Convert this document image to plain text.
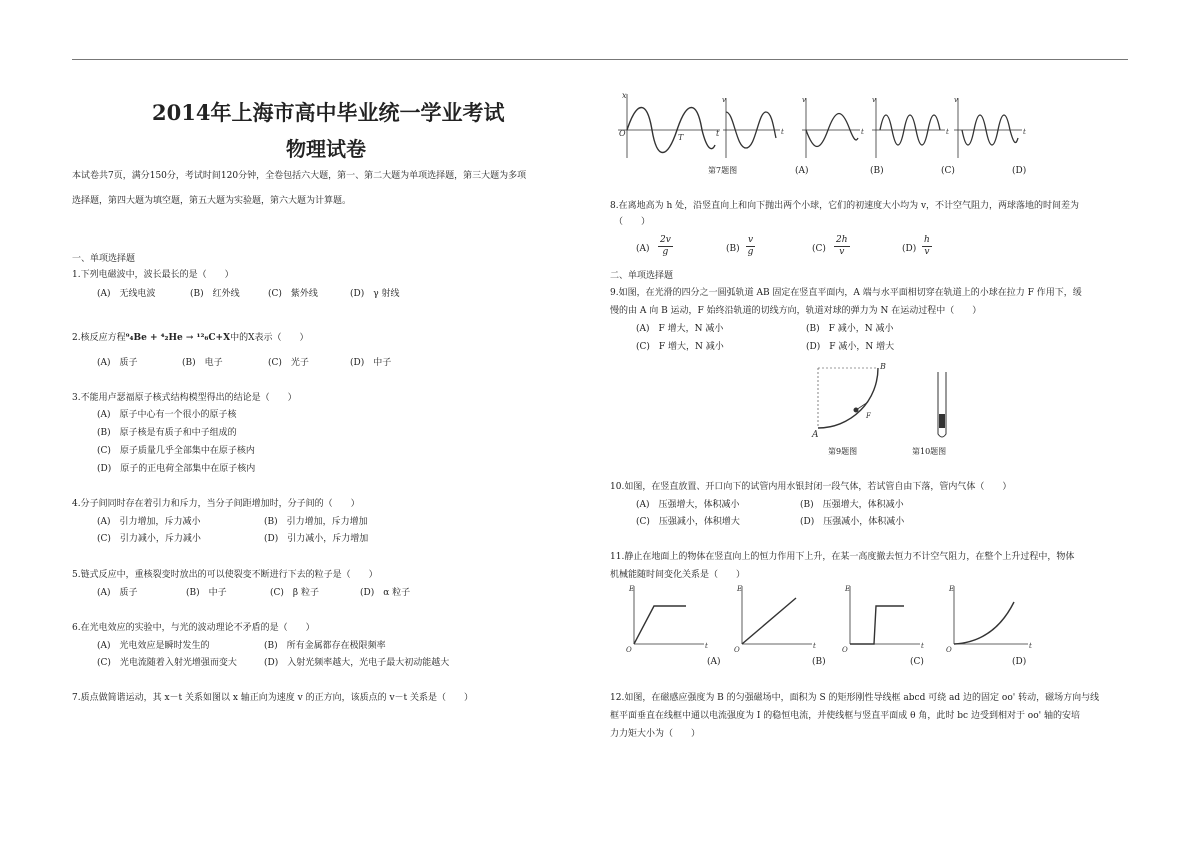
2014年上海市高中毕业统一学业考试
物理试卷
本试卷共7页，满分150分，考试时间120分钟，全卷包括六大题，第一、第二大题为单项选择题，第三大题为多项
选择题，第四大题为填空题，第五大题为实验题，第六大题为计算题。
一、单项选择题
1.下列电磁波中，波长最长的是（　　）
(A)　无线电波	(B)　红外线	(C)　紫外线	(D)　γ 射线
2.核反应方程⁹₄Be + ⁴₂He → ¹²₆C+X中的X表示（　　）
(A)　质子	(B)　电子	(C)　光子	(D)　中子
3.不能用卢瑟福原子核式结构模型得出的结论是（　　）
(A)　原子中心有一个很小的原子核
(B)　原子核是有质子和中子组成的
(C)　原子质量几乎全部集中在原子核内
(D)　原子的正电荷全部集中在原子核内
4.分子间同时存在着引力和斥力，当分子间距增加时，分子间的（　　）
(A)　引力增加，斥力减小	(B)　引力增加，斥力增加
(C)　引力减小，斥力减小	(D)　引力减小，斥力增加
5.链式反应中，重核裂变时放出的可以使裂变不断进行下去的粒子是（　　）
(A)　质子	(B)　中子	(C)　β 粒子	(D)　α 粒子
6.在光电效应的实验中，与光的波动理论不矛盾的是（　　）
(A)　光电效应是瞬时发生的	(B)　所有金属都存在极限频率
(C)　光电流随着入射光增强而变大	(D)　入射光频率越大，光电子最大初动能越大
7.质点做简谐运动，其 x－t 关系如图以 x 轴正向为速度 v 的正方向，该质点的 v－t 关系是（　　）
x
O	T	t
v
t
v
t
v
t
v
t
第7题图	(A)	(B)	(C)	(D)
8.在离地高为 h 处，沿竖直向上和向下抛出两个小球，它们的初速度大小均为 v，不计空气阻力，两球落地的时间差为
（　　）
$(A) \frac{2v}{g}$	$(B) \frac{v}{g}$	$(C) \frac{2h}{v}$	$(D) \frac{h}{v}$
二、单项选择题
9.如图，在光滑的四分之一圆弧轨道 AB 固定在竖直平面内，A 端与水平面相切穿在轨道上的小球在拉力 F 作用下，缓
慢的由 A 向 B 运动，F 始终沿轨道的切线方向，轨道对球的弹力为 N 在运动过程中（　　）
(A)　F 增大，N 减小	(B)　F 减小，N 减小
(C)　F 增大，N 减小	(D)　F 减小，N 增大
A
B
F
第9题图	第10题图
10.如图，在竖直放置、开口向下的试管内用水银封闭一段气体，若试管自由下落，管内气体（　　）
(A)　压强增大，体积减小	(B)　压强增大，体积减小
(C)　压强减小，体积增大	(D)　压强减小，体积减小
11.静止在地面上的物体在竖直向上的恒力作用下上升，在某一高度撤去恒力不计空气阻力，在整个上升过程中，物体
机械能随时间变化关系是（　　）
E
O	t
E
O	t
E
O	t
E
O	t
(A)	(B)	(C)	(D)
12.如图，在磁感应强度为 B 的匀强磁场中，面积为 S 的矩形刚性导线框 abcd 可绕 ad 边的固定 oo' 转动，磁场方向与线
框平面垂直在线框中通以电流强度为 I 的稳恒电流，并使线框与竖直平面成 θ 角，此时 bc 边受到相对于 oo' 轴的安培
力力矩大小为（　　）
